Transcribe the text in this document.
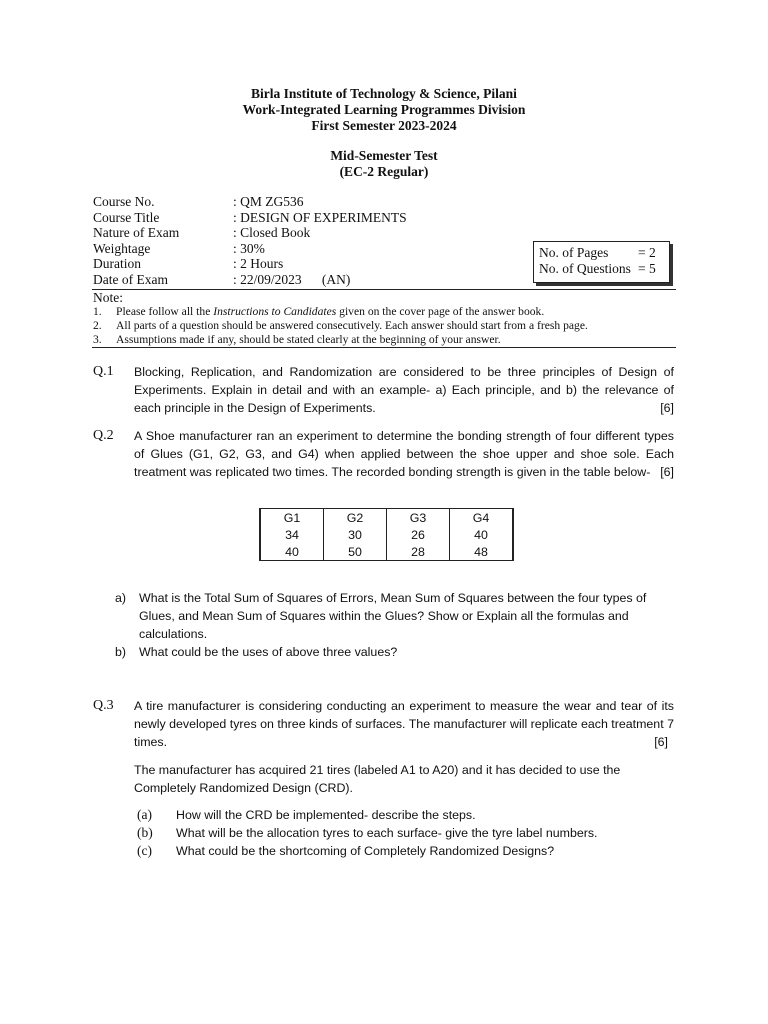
Birla Institute of Technology & Science, Pilani
Work-Integrated Learning Programmes Division
First Semester 2023-2024
Mid-Semester Test
(EC-2 Regular)
Course No.	: QM ZG536
Course Title	: DESIGN OF EXPERIMENTS
Nature of Exam	: Closed Book
Weightage	: 30%
Duration	: 2 Hours
Date of Exam	: 22/09/2023      (AN)
No. of Pages	= 2
No. of Questions = 5
Note:
1.	Please follow all the Instructions to Candidates given on the cover page of the answer book.
2.	All parts of a question should be answered consecutively. Each answer should start from a fresh page.
3.	Assumptions made if any, should be stated clearly at the beginning of your answer.
Q.1 Blocking, Replication, and Randomization are considered to be three principles of Design of Experiments. Explain in detail and with an example- a) Each principle, and b) the relevance of each principle in the Design of Experiments.	[6]
Q.2 A Shoe manufacturer ran an experiment to determine the bonding strength of four different types of Glues (G1, G2, G3, and G4) when applied between the shoe upper and shoe sole. Each treatment was replicated two times. The recorded bonding strength is given in the table below- [6]
G1	G2	G3	G4
34	30	26	40
40	50	28	48
a)	What is the Total Sum of Squares of Errors, Mean Sum of Squares between the four types of Glues, and Mean Sum of Squares within the Glues? Show or Explain all the formulas and calculations.
b)	What could be the uses of above three values?
Q.3 A tire manufacturer is considering conducting an experiment to measure the wear and tear of its newly developed tyres on three kinds of surfaces. The manufacturer will replicate each treatment 7 times.	[6]
The manufacturer has acquired 21 tires (labeled A1 to A20) and it has decided to use the Completely Randomized Design (CRD).
(a)	How will the CRD be implemented- describe the steps.
(b)	What will be the allocation tyres to each surface- give the tyre label numbers.
(c)	What could be the shortcoming of Completely Randomized Designs?
